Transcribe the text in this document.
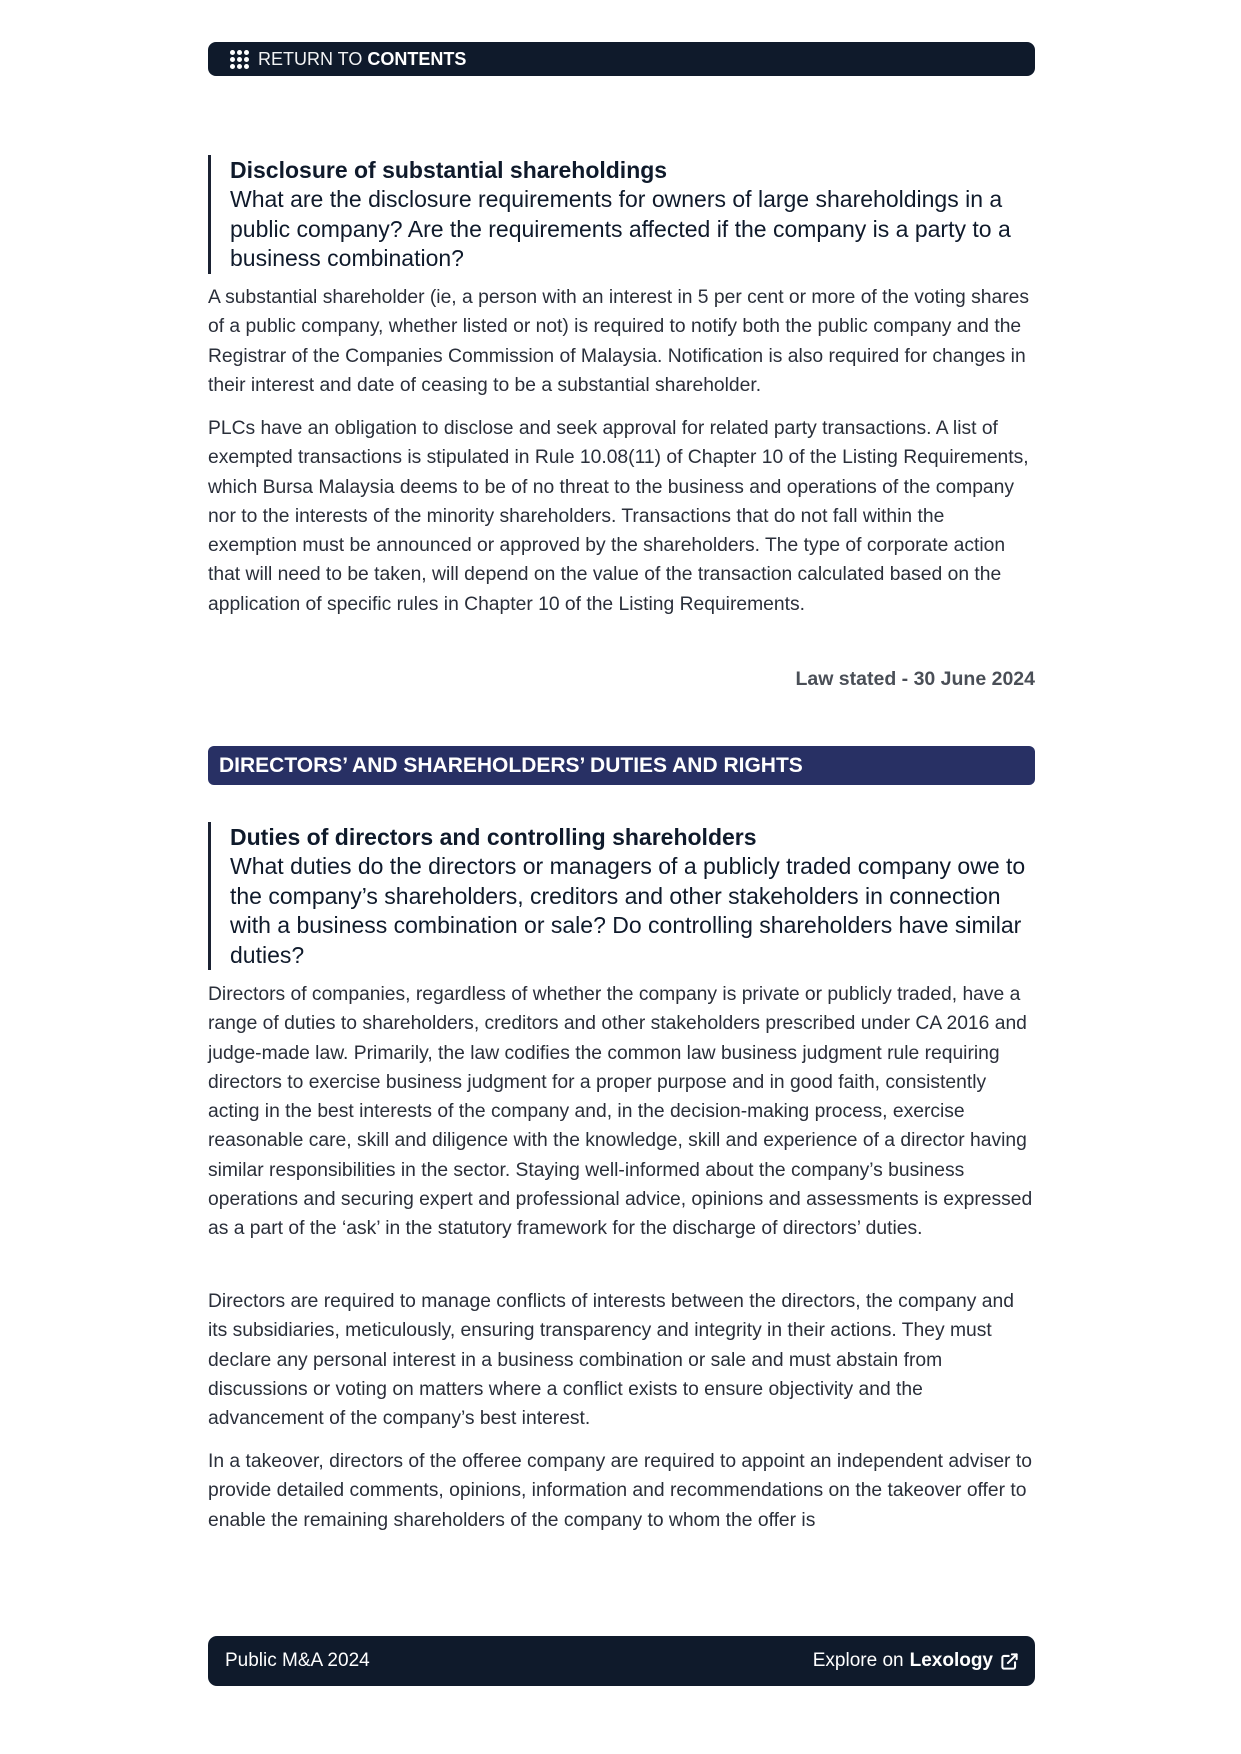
RETURN TO CONTENTS

Disclosure of substantial shareholdings

What are the disclosure requirements for owners of large shareholdings in a public company? Are the requirements affected if the company is a party to a business combination?

A substantial shareholder (ie, a person with an interest in 5 per cent or more of the voting shares of a public company, whether listed or not) is required to notify both the public company and the Registrar of the Companies Commission of Malaysia. Notification is also required for changes in their interest and date of ceasing to be a substantial shareholder.

PLCs have an obligation to disclose and seek approval for related party transactions. A list of exempted transactions is stipulated in Rule 10.08(11) of Chapter 10 of the Listing Requirements, which Bursa Malaysia deems to be of no threat to the business and operations of the company nor to the interests of the minority shareholders. Transactions that do not fall within the exemption must be announced or approved by the shareholders. The type of corporate action that will need to be taken, will depend on the value of the transaction calculated based on the application of specific rules in Chapter 10 of the Listing Requirements.

Law stated - 30 June 2024
DIRECTORS’ AND SHAREHOLDERS’ DUTIES AND RIGHTS

Duties of directors and controlling shareholders

What duties do the directors or managers of a publicly traded company owe to the company’s shareholders, creditors and other stakeholders in connection with a business combination or sale? Do controlling shareholders have similar duties?

Directors of companies, regardless of whether the company is private or publicly traded, have a range of duties to shareholders, creditors and other stakeholders prescribed under CA 2016 and judge-made law. Primarily, the law codifies the common law business judgment rule requiring directors to exercise business judgment for a proper purpose and in good faith, consistently acting in the best interests of the company and, in the decision-making process, exercise reasonable care, skill and diligence with the knowledge, skill and experience of a director having similar responsibilities in the sector. Staying well-informed about the company’s business operations and securing expert and professional advice, opinions and assessments is expressed as a part of the ‘ask’ in the statutory framework for the discharge of directors’ duties.

Directors are required to manage conflicts of interests between the directors, the company and its subsidiaries, meticulously, ensuring transparency and integrity in their actions. They must declare any personal interest in a business combination or sale and must abstain from discussions or voting on matters where a conflict exists to ensure objectivity and the advancement of the company’s best interest.

In a takeover, directors of the offeree company are required to appoint an independent adviser to provide detailed comments, opinions, information and recommendations on the takeover offer to enable the remaining shareholders of the company to whom the offer is

Public M&A 2024	Explore on Lexology
